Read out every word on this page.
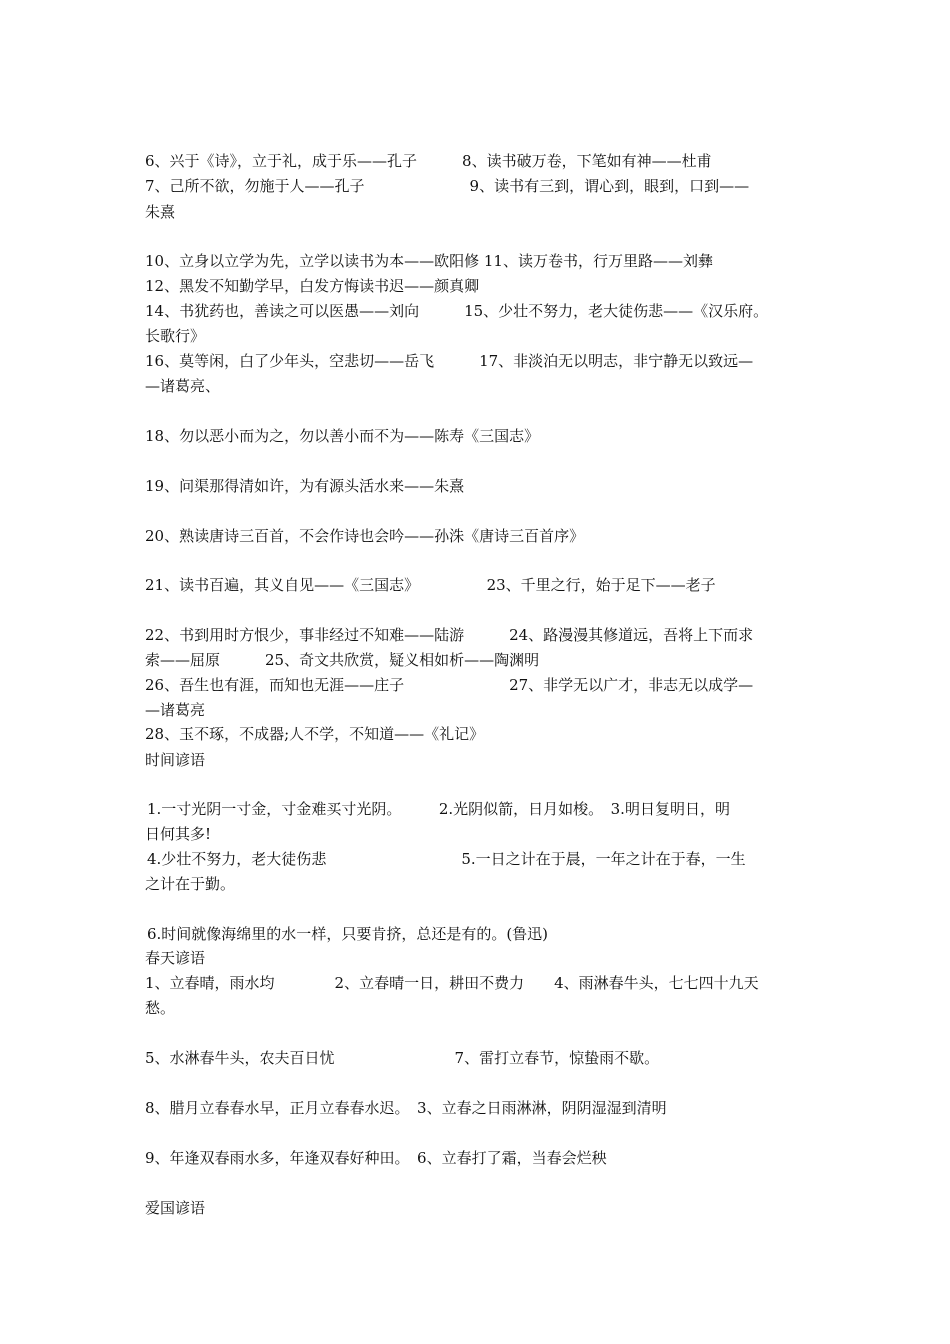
6、兴于《诗》，立于礼，成于乐——孔子　　　8、读书破万卷，下笔如有神——杜甫
7、己所不欲，勿施于人——孔子　　　　　　　9、读书有三到，谓心到，眼到，口到——
朱熹
10、立身以立学为先，立学以读书为本——欧阳修 11、读万卷书，行万里路——刘彝
12、黑发不知勤学早，白发方悔读书迟——颜真卿
14、书犹药也，善读之可以医愚——刘向　　　15、少壮不努力，老大徒伤悲——《汉乐府。
长歌行》
16、莫等闲，白了少年头，空悲切——岳飞　　　17、非淡泊无以明志，非宁静无以致远—
—诸葛亮、
18、勿以恶小而为之，勿以善小而不为——陈寿《三国志》
19、问渠那得清如许，为有源头活水来——朱熹
20、熟读唐诗三百首，不会作诗也会吟——孙洙《唐诗三百首序》
21、读书百遍，其义自见——《三国志》　　　　　23、千里之行，始于足下——老子
22、书到用时方恨少，事非经过不知难——陆游　　　24、路漫漫其修道远，吾将上下而求
索——屈原　　　25、奇文共欣赏，疑义相如析——陶渊明
26、吾生也有涯，而知也无涯——庄子　　　　　　　27、非学无以广才，非志无以成学—
—诸葛亮
28、玉不琢，不成器;人不学，不知道——《礼记》
时间谚语
1.一寸光阴一寸金，寸金难买寸光阴。　　　2.光阴似箭，日月如梭。　3.明日复明日，明
日何其多!
4.少壮不努力，老大徒伤悲　　　　　　　　　5.一日之计在于晨，一年之计在于春，一生
之计在于勤。
6.时间就像海绵里的水一样，只要肯挤，总还是有的。(鲁迅)
春天谚语
1、立春晴，雨水均　　　　2、立春晴一日，耕田不费力　　4、雨淋春牛头，七七四十九天
愁。
5、水淋春牛头，农夫百日忧　　　　　　　　7、雷打立春节，惊蛰雨不歇。
8、腊月立春春水早，正月立春春水迟。　3、立春之日雨淋淋，阴阴湿湿到清明
9、年逢双春雨水多，年逢双春好种田。　6、立春打了霜，当春会烂秧
爱国谚语
